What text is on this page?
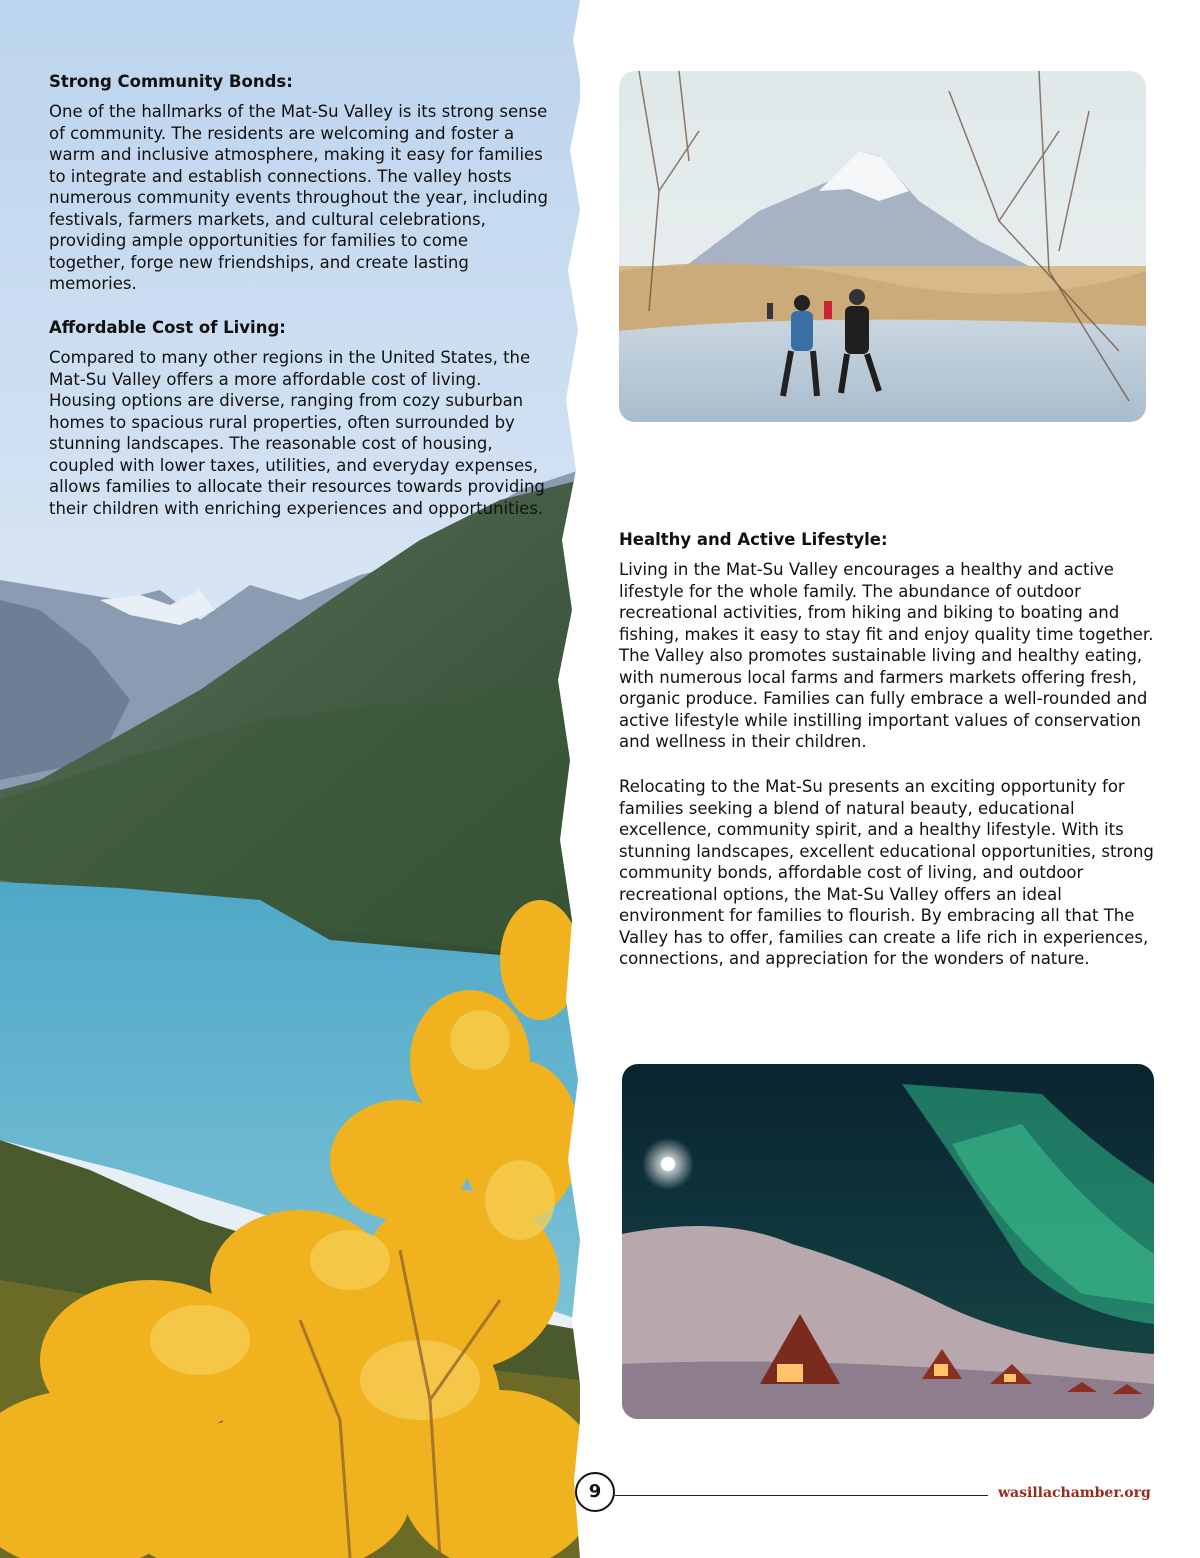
Strong Community Bonds:

One of the hallmarks of the Mat-Su Valley is its strong sense of community. The residents are welcoming and foster a warm and inclusive atmosphere, making it easy for families to integrate and establish connections. The valley hosts numerous community events throughout the year, including festivals, farmers markets, and cultural celebrations, providing ample opportunities for families to come together, forge new friendships, and create lasting memories.

Affordable Cost of Living:

Compared to many other regions in the United States, the Mat-Su Valley offers a more affordable cost of living. Housing options are diverse, ranging from cozy suburban homes to spacious rural properties, often surrounded by stunning landscapes. The reasonable cost of housing, coupled with lower taxes, utilities, and everyday expenses, allows families to allocate their resources towards providing their children with enriching experiences and opportunities.

Healthy and Active Lifestyle:

Living in the Mat-Su Valley encourages a healthy and active lifestyle for the whole family. The abundance of outdoor recreational activities, from hiking and biking to boating and fishing, makes it easy to stay fit and enjoy quality time together. The Valley also promotes sustainable living and healthy eating, with numerous local farms and farmers markets offering fresh, organic produce. Families can fully embrace a well-rounded and active lifestyle while instilling important values of conservation and wellness in their children.

Relocating to the Mat-Su presents an exciting opportunity for families seeking a blend of natural beauty, educational excellence, community spirit, and a healthy lifestyle. With its stunning landscapes, excellent educational opportunities, strong community bonds, affordable cost of living, and outdoor recreational options, the Mat-Su Valley offers an ideal environment for families to flourish. By embracing all that The Valley has to offer, families can create a life rich in experiences, connections, and appreciation for the wonders of nature.

9	wasillachamber.org
